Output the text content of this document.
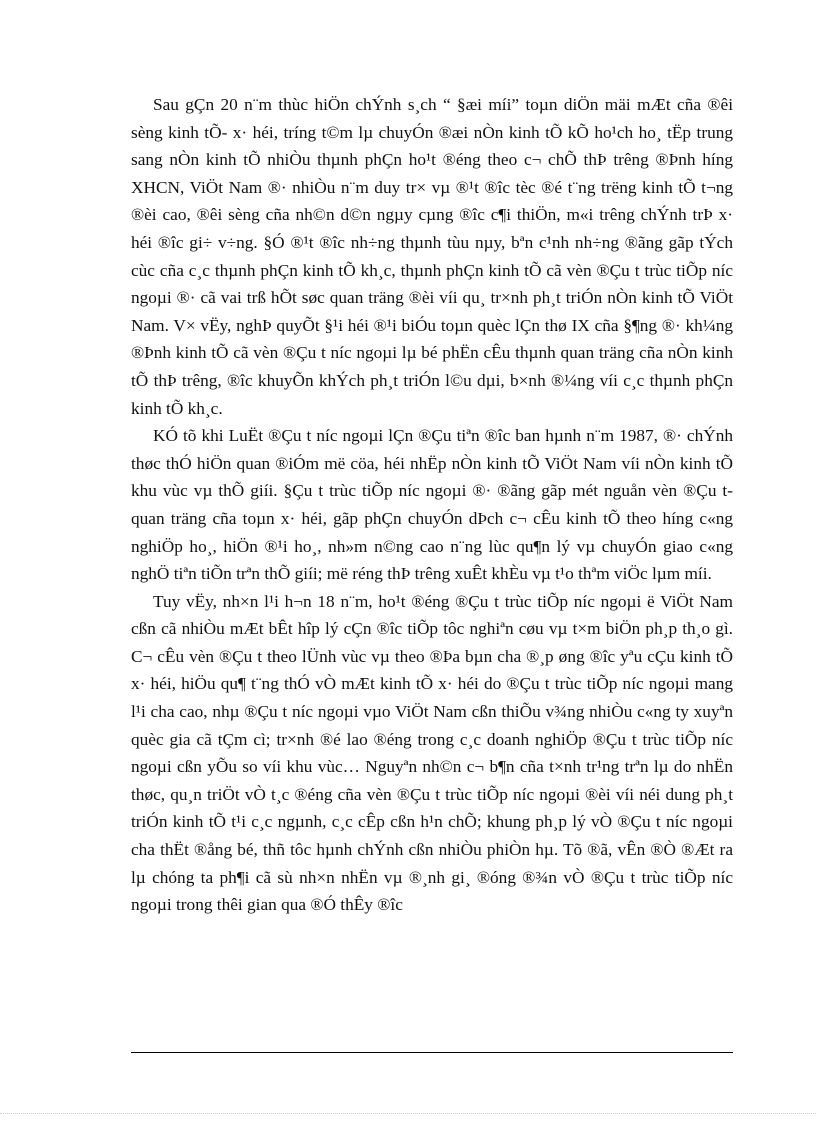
Sau gÇn 20 n¨m thùc hiÖn chÝnh s¸ch “ §æi míi” toµn diÖn mäi mÆt cña ®êi sèng kinh tÕ- x· héi, tríng t©m lµ chuyÓn ®æi nÒn kinh tÕ kÕ ho¹ch ho¸ tËp trung sang nÒn kinh tÕ nhiÒu thµnh phÇn ho¹t ®éng theo c¬ chÕ thÞ trêng ®Þnh híng XHCN, ViÖt Nam ®· nhiÒu n¨m duy tr× vµ ®¹t ®îc tèc ®é t¨ng trëng kinh tÕ t¬ng ®èi cao, ®êi sèng cña nh©n d©n ngµy cµng ®îc c¶i thiÖn, m«i trêng chÝnh trÞ x· héi ®îc gi÷ v÷ng. §Ó ®¹t ®îc nh÷ng thµnh tùu nµy, bªn c¹nh nh÷ng ®ãng gãp tÝch cùc cña c¸c thµnh phÇn kinh tÕ kh¸c, thµnh phÇn kinh tÕ cã vèn ®Çu t trùc tiÕp níc ngoµi ®· cã vai trß hÕt søc quan träng ®èi víi qu¸ tr×nh ph¸t triÓn nÒn kinh tÕ ViÖt Nam. V× vËy, nghÞ quyÕt §¹i héi ®¹i biÓu toµn quèc lÇn thø IX cña §¶ng ®· kh¼ng ®Þnh kinh tÕ cã vèn ®Çu t níc ngoµi lµ bé phËn cÊu thµnh quan träng cña nÒn kinh tÕ thÞ trêng, ®îc khuyÕn khÝch ph¸t triÓn l©u dµi, b×nh ®¼ng víi c¸c thµnh phÇn kinh tÕ kh¸c.

KÓ tõ khi LuËt ®Çu t níc ngoµi lÇn ®Çu tiªn ®îc ban hµnh n¨m 1987, ®· chÝnh thøc thÓ hiÖn quan ®iÓm më cöa, héi nhËp nÒn kinh tÕ ViÖt Nam víi nÒn kinh tÕ khu vùc vµ thÕ giíi. §Çu t trùc tiÕp níc ngoµi ®· ®ãng gãp mét nguån vèn ®Çu t quan träng cña toµn x· héi, gãp phÇn chuyÓn dÞch c¬ cÊu kinh tÕ theo híng c«ng nghiÖp ho¸, hiÖn ®¹i ho¸, nh»m n©ng cao n¨ng lùc qu¶n lý vµ chuyÓn giao c«ng nghÖ tiªn tiÕn trªn thÕ giíi; më réng thÞ trêng xuÊt khÈu vµ t¹o thªm viÖc lµm míi.

Tuy vËy, nh×n l¹i h¬n 18 n¨m, ho¹t ®éng ®Çu t trùc tiÕp níc ngoµi ë ViÖt Nam cßn cã nhiÒu mÆt bÊt hîp lý cÇn ®îc tiÕp tôc nghiªn cøu vµ t×m biÖn ph¸p th¸o gì. C¬ cÊu vèn ®Çu t theo lÜnh vùc vµ theo ®Þa bµn cha ®¸p øng ®îc yªu cÇu kinh tÕ x· héi, hiÖu qu¶ t¨ng thÓ vÒ mÆt kinh tÕ x· héi do ®Çu t trùc tiÕp níc ngoµi mang l¹i cha cao, nhµ ®Çu t níc ngoµi vµo ViÖt Nam cßn thiÕu v¾ng nhiÒu c«ng ty xuyªn quèc gia cã tÇm cì; tr×nh ®é lao ®éng trong c¸c doanh nghiÖp ®Çu t trùc tiÕp níc ngoµi cßn yÕu so víi khu vùc… Nguyªn nh©n c¬ b¶n cña t×nh tr¹ng trªn lµ do nhËn thøc, qu¸n triÖt vÒ t¸c ®éng cña vèn ®Çu t trùc tiÕp níc ngoµi ®èi víi néi dung ph¸t triÓn kinh tÕ t¹i c¸c ngµnh, c¸c cÊp cßn h¹n chÕ; khung ph¸p lý vÒ ®Çu t níc ngoµi cha thËt ®ång bé, thñ tôc hµnh chÝnh cßn nhiÒu phiÒn hµ. Tõ ®ã, vÊn ®Ò ®Æt ra lµ chóng ta ph¶i cã sù nh×n nhËn vµ ®¸nh gi¸ ®óng ®¾n vÒ ®Çu t trùc tiÕp níc ngoµi trong thêi gian qua ®Ó thÊy ®îc
